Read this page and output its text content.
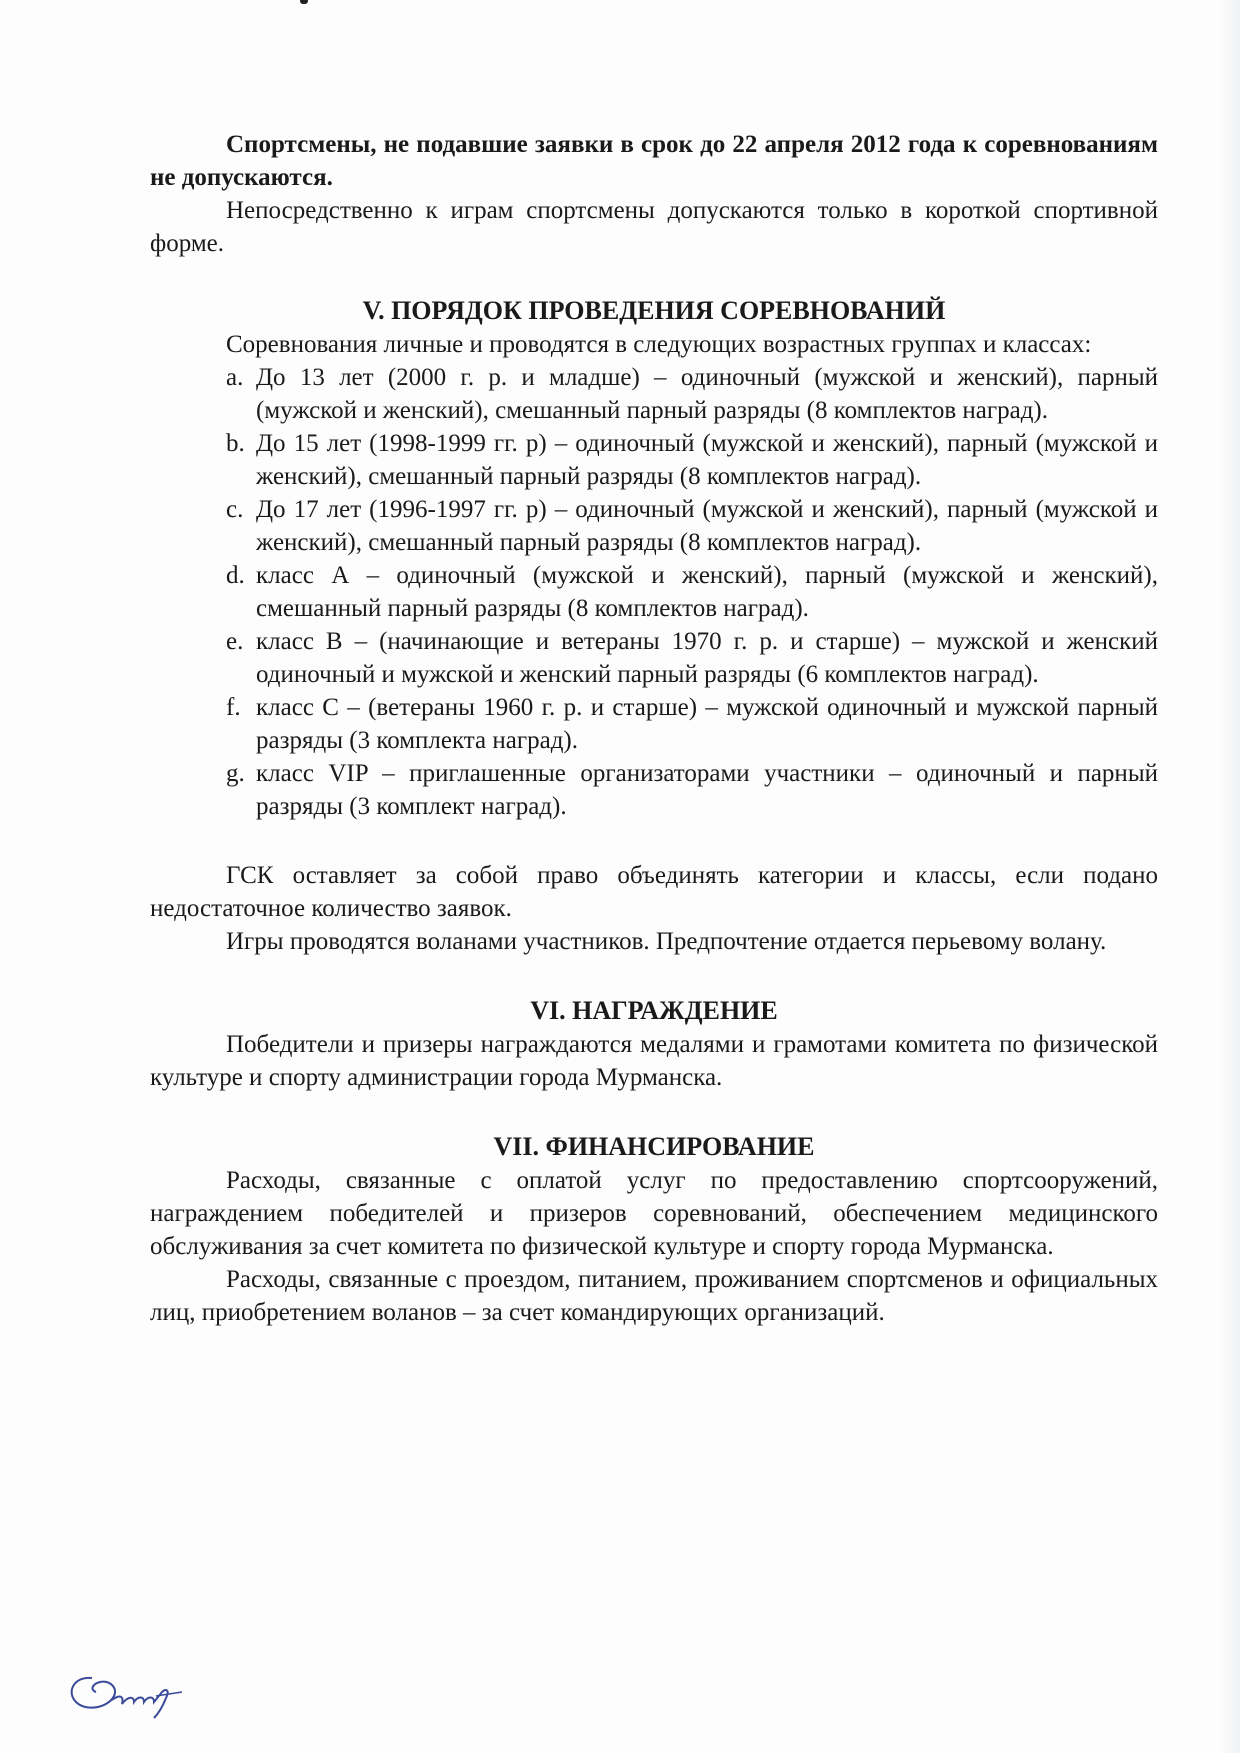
Спортсмены, не подавшие заявки в срок до 22 апреля 2012 года к соревнованиям не допускаются.

Непосредственно к играм спортсмены допускаются только в короткой спортивной форме.

V. ПОРЯДОК ПРОВЕДЕНИЯ СОРЕВНОВАНИЙ

Соревнования личные и проводятся в следующих возрастных группах и классах:

a. До 13 лет (2000 г. р. и младше) – одиночный (мужской и женский), парный (мужской и женский), смешанный парный разряды (8 комплектов наград).
b. До 15 лет (1998-1999 гг. р) – одиночный (мужской и женский), парный (мужской и женский), смешанный парный разряды (8 комплектов наград).
c. До 17 лет (1996-1997 гг. р) – одиночный (мужской и женский), парный (мужской и женский), смешанный парный разряды (8 комплектов наград).
d. класс А – одиночный (мужской и женский), парный (мужской и женский), смешанный парный разряды (8 комплектов наград).
e. класс В – (начинающие и ветераны 1970 г. р. и старше) – мужской и женский одиночный и мужской и женский парный разряды (6 комплектов наград).
f. класс С – (ветераны 1960 г. р. и старше) – мужской одиночный и мужской парный разряды (3 комплекта наград).
g. класс VIP – приглашенные организаторами участники – одиночный и парный разряды (3 комплект наград).

ГСК оставляет за собой право объединять категории и классы, если подано недостаточное количество заявок.

Игры проводятся воланами участников. Предпочтение отдается перьевому волану.

VI. НАГРАЖДЕНИЕ

Победители и призеры награждаются медалями и грамотами комитета по физической культуре и спорту администрации города Мурманска.

VII. ФИНАНСИРОВАНИЕ

Расходы, связанные с оплатой услуг по предоставлению спортсооружений, награждением победителей и призеров соревнований, обеспечением медицинского обслуживания за счет комитета по физической культуре и спорту города Мурманска.

Расходы, связанные с проездом, питанием, проживанием спортсменов и официальных лиц, приобретением воланов – за счет командирующих организаций.
